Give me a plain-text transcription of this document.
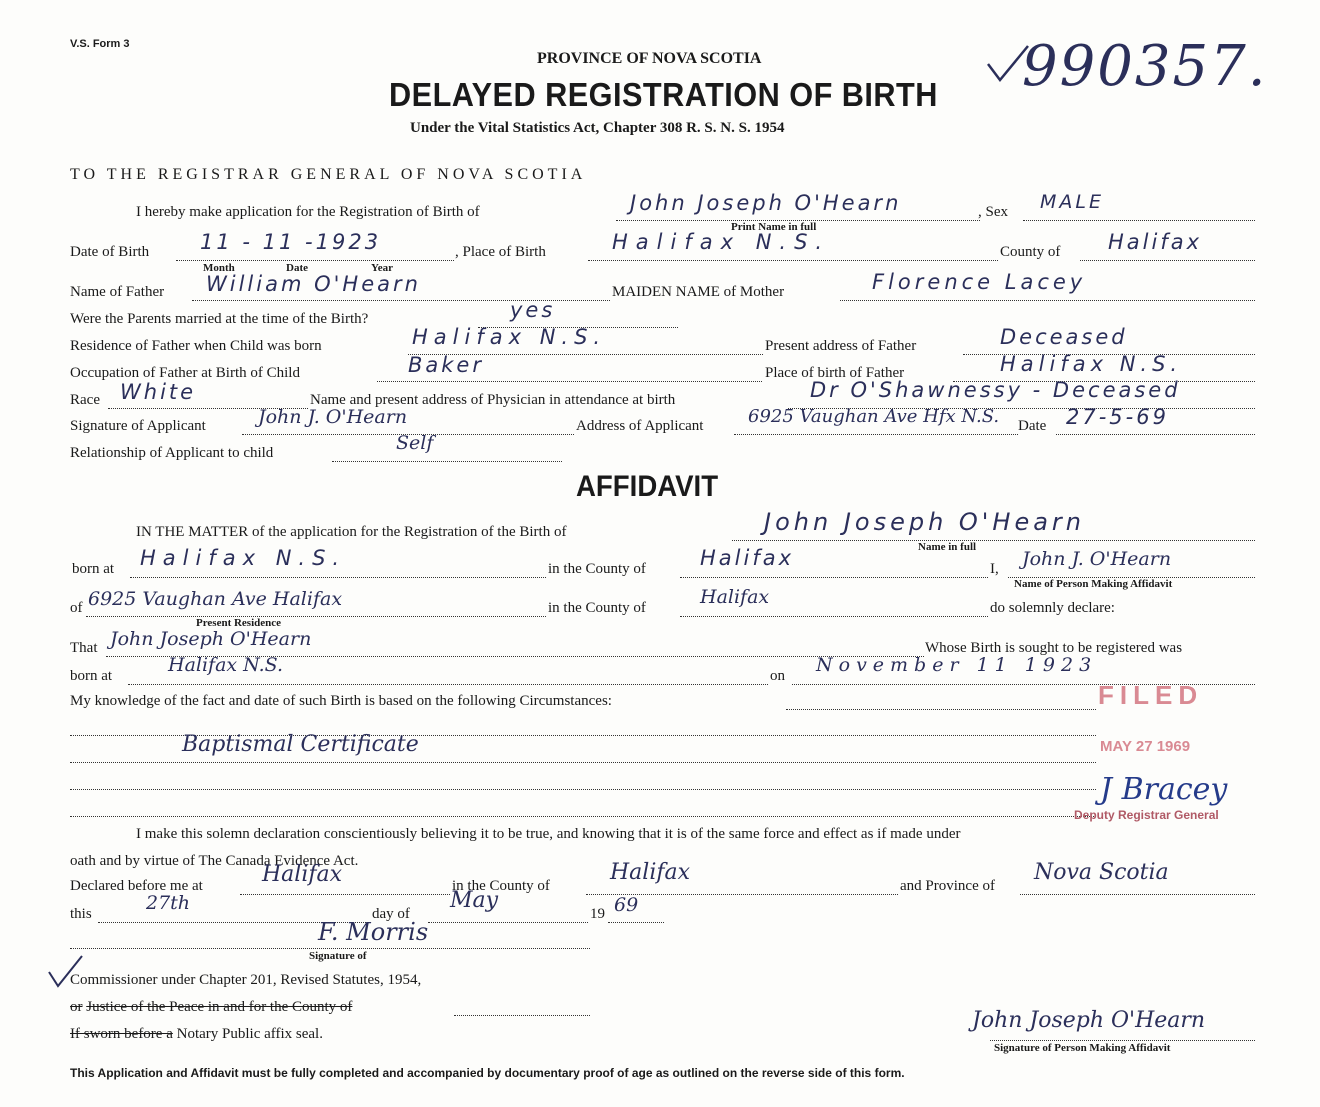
V.S. Form 3
PROVINCE OF NOVA SCOTIA
DELAYED REGISTRATION OF BIRTH
Under the Vital Statistics Act, Chapter 308 R. S. N. S. 1954
990357.
TO THE REGISTRAR GENERAL OF NOVA SCOTIA
I hereby make application for the Registration of Birth of	John Joseph O'Hearn
Print Name in full
, Sex MALE
Date of Birth 11 - 11 -1923
Month	Date	Year
, Place of Birth	Halifax N.S.	County of Halifax
Name of Father William O'Hearn	MAIDEN NAME of Mother	Florence Lacey
Were the Parents married at the time of the Birth?	yes
Residence of Father when Child was born	Halifax N.S.	Present address of Father	Deceased
Occupation of Father at Birth of Child	Baker	Place of birth of Father	Halifax N.S.
Race White	Name and present address of Physician in attendance at birth	Dr O'Shawnessy - Deceased
Signature of Applicant	John J. O'Hearn	Address of Applicant 6925 Vaughan Ave Hfx N.S. Date 27-5-69
Relationship of Applicant to child	Self
AFFIDAVIT
IN THE MATTER of the application for the Registration of the Birth of	John Joseph O'Hearn
Name in full
born at Halifax N.S.	in the County of	Halifax	I, John J. O'Hearn
Name of Person Making Affidavit
of 6925 Vaughan Ave Halifax
Present Residence
in the County of	Halifax	do solemnly declare:
That John Joseph O'Hearn	Whose Birth is sought to be registered was
born at	Halifax N.S.	on November 11 1923
My knowledge of the fact and date of such Birth is based on the following Circumstances:
Baptismal Certificate
FILED
MAY 27 1969
J Bracey
Deputy Registrar General
I make this solemn declaration conscientiously believing it to be true, and knowing that it is of the same force and effect as if made under
oath and by virtue of The Canada Evidence Act.
Declared before me at	Halifax	in the County of
Halifax
and Province of
Nova Scotia
this	27th	day of
May
19 69
F. Morris
Signature of
Commissioner under Chapter 201, Revised Statutes, 1954,
or Justice of the Peace in and for the County of
If sworn before a Notary Public affix seal.
John Joseph O'Hearn
Signature of Person Making Affidavit
This Application and Affidavit must be fully completed and accompanied by documentary proof of age as outlined on the reverse side of this form.
